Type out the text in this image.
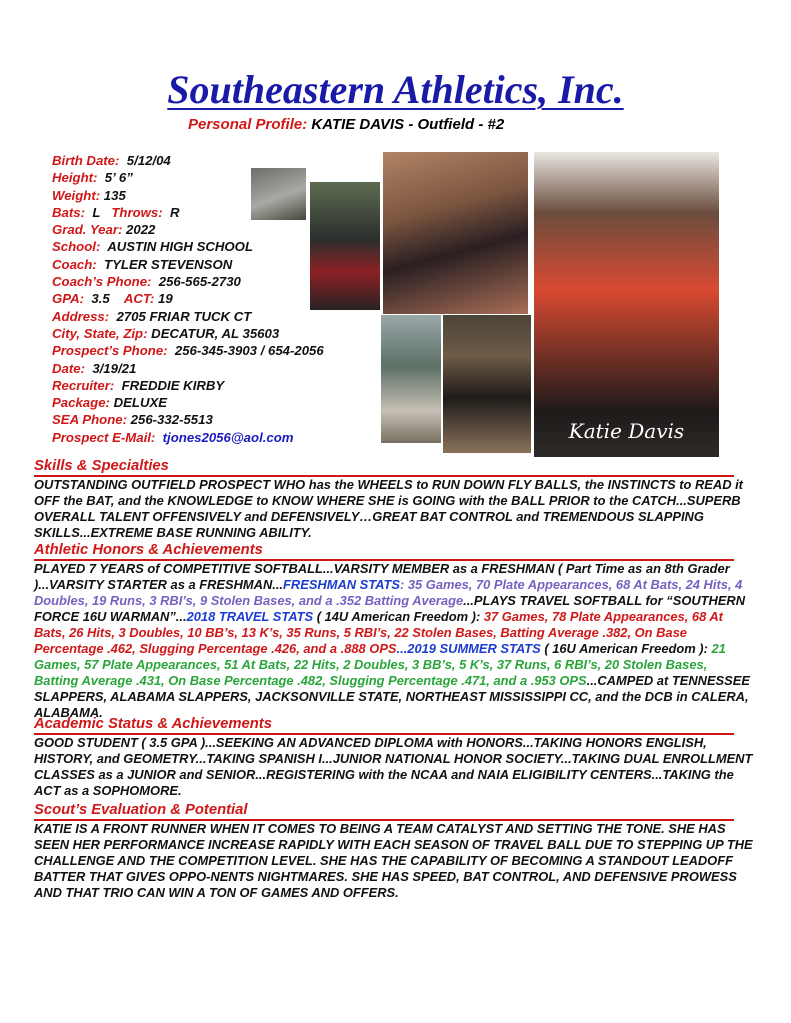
Southeastern Athletics, Inc.
Personal Profile: KATIE DAVIS - Outfield - #2
Birth Date: 5/12/04
Height: 5’ 6”
Weight: 135
Bats: L Throws: R
Grad. Year: 2022
School: AUSTIN HIGH SCHOOL
Coach: TYLER STEVENSON
Coach’s Phone: 256-565-2730
GPA: 3.5 ACT: 19
Address: 2705 FRIAR TUCK CT
City, State, Zip: DECATUR, AL 35603
Prospect’s Phone: 256-345-3903 / 654-2056
Date: 3/19/21
Recruiter: FREDDIE KIRBY
Package: DELUXE
SEA Phone: 256-332-5513
Prospect E-Mail: tjones2056@aol.com	Katie Davis
Skills & Specialties
OUTSTANDING OUTFIELD PROSPECT WHO has the WHEELS to RUN DOWN FLY BALLS, the INSTINCTS to READ it OFF the BAT, and the KNOWLEDGE to KNOW WHERE SHE is GOING with the BALL PRIOR to the CATCH...SUPERB OVERALL TALENT OFFENSIVELY and DEFENSIVELY…GREAT BAT CONTROL and TREMENDOUS SLAPPING SKILLS...EXTREME BASE RUNNING ABILITY.
Athletic Honors & Achievements
PLAYED 7 YEARS of COMPETITIVE SOFTBALL...VARSITY MEMBER as a FRESHMAN ( Part Time as an 8th Grader )...VARSITY STARTER as a FRESHMAN...FRESHMAN STATS: 35 Games, 70 Plate Appearances, 68 At Bats, 24 Hits, 4 Doubles, 19 Runs, 3 RBI’s, 9 Stolen Bases, and a .352 Batting Average...PLAYS TRAVEL SOFTBALL for “SOUTHERN FORCE 16U WARMAN”...2018 TRAVEL STATS ( 14U American Freedom ): 37 Games, 78 Plate Appearances, 68 At Bats, 26 Hits, 3 Doubles, 10 BB’s, 13 K’s, 35 Runs, 5 RBI’s, 22 Stolen Bases, Batting Average .382, On Base Percentage .462, Slugging Percentage .426, and a .888 OPS...2019 SUMMER STATS ( 16U American Freedom ): 21 Games, 57 Plate Appearances, 51 At Bats, 22 Hits, 2 Doubles, 3 BB’s, 5 K’s, 37 Runs, 6 RBI’s, 20 Stolen Bases, Batting Average .431, On Base Percentage .482, Slugging Percentage .471, and a .953 OPS...CAMPED at TENNESSEE SLAPPERS, ALABAMA SLAPPERS, JACKSONVILLE STATE, NORTHEAST MISSISSIPPI CC, and the DCB in CALERA, ALABAMA.
Academic Status & Achievements
GOOD STUDENT ( 3.5 GPA )...SEEKING AN ADVANCED DIPLOMA with HONORS...TAKING HONORS ENGLISH, HISTORY, and GEOMETRY...TAKING SPANISH I...JUNIOR NATIONAL HONOR SOCIETY...TAKING DUAL ENROLLMENT CLASSES as a JUNIOR and SENIOR...REGISTERING with the NCAA and NAIA ELIGIBILITY CENTERS...TAKING the ACT as a SOPHOMORE.
Scout’s Evaluation & Potential
KATIE IS A FRONT RUNNER WHEN IT COMES TO BEING A TEAM CATALYST AND SETTING THE TONE. SHE HAS SEEN HER PERFORMANCE INCREASE RAPIDLY WITH EACH SEASON OF TRAVEL BALL DUE TO STEPPING UP THE CHALLENGE AND THE COMPETITION LEVEL. SHE HAS THE CAPABILITY OF BECOMING A STANDOUT LEADOFF BATTER THAT GIVES OPPO-NENTS NIGHTMARES. SHE HAS SPEED, BAT CONTROL, AND DEFENSIVE PROWESS AND THAT TRIO CAN WIN A TON OF GAMES AND OFFERS.
